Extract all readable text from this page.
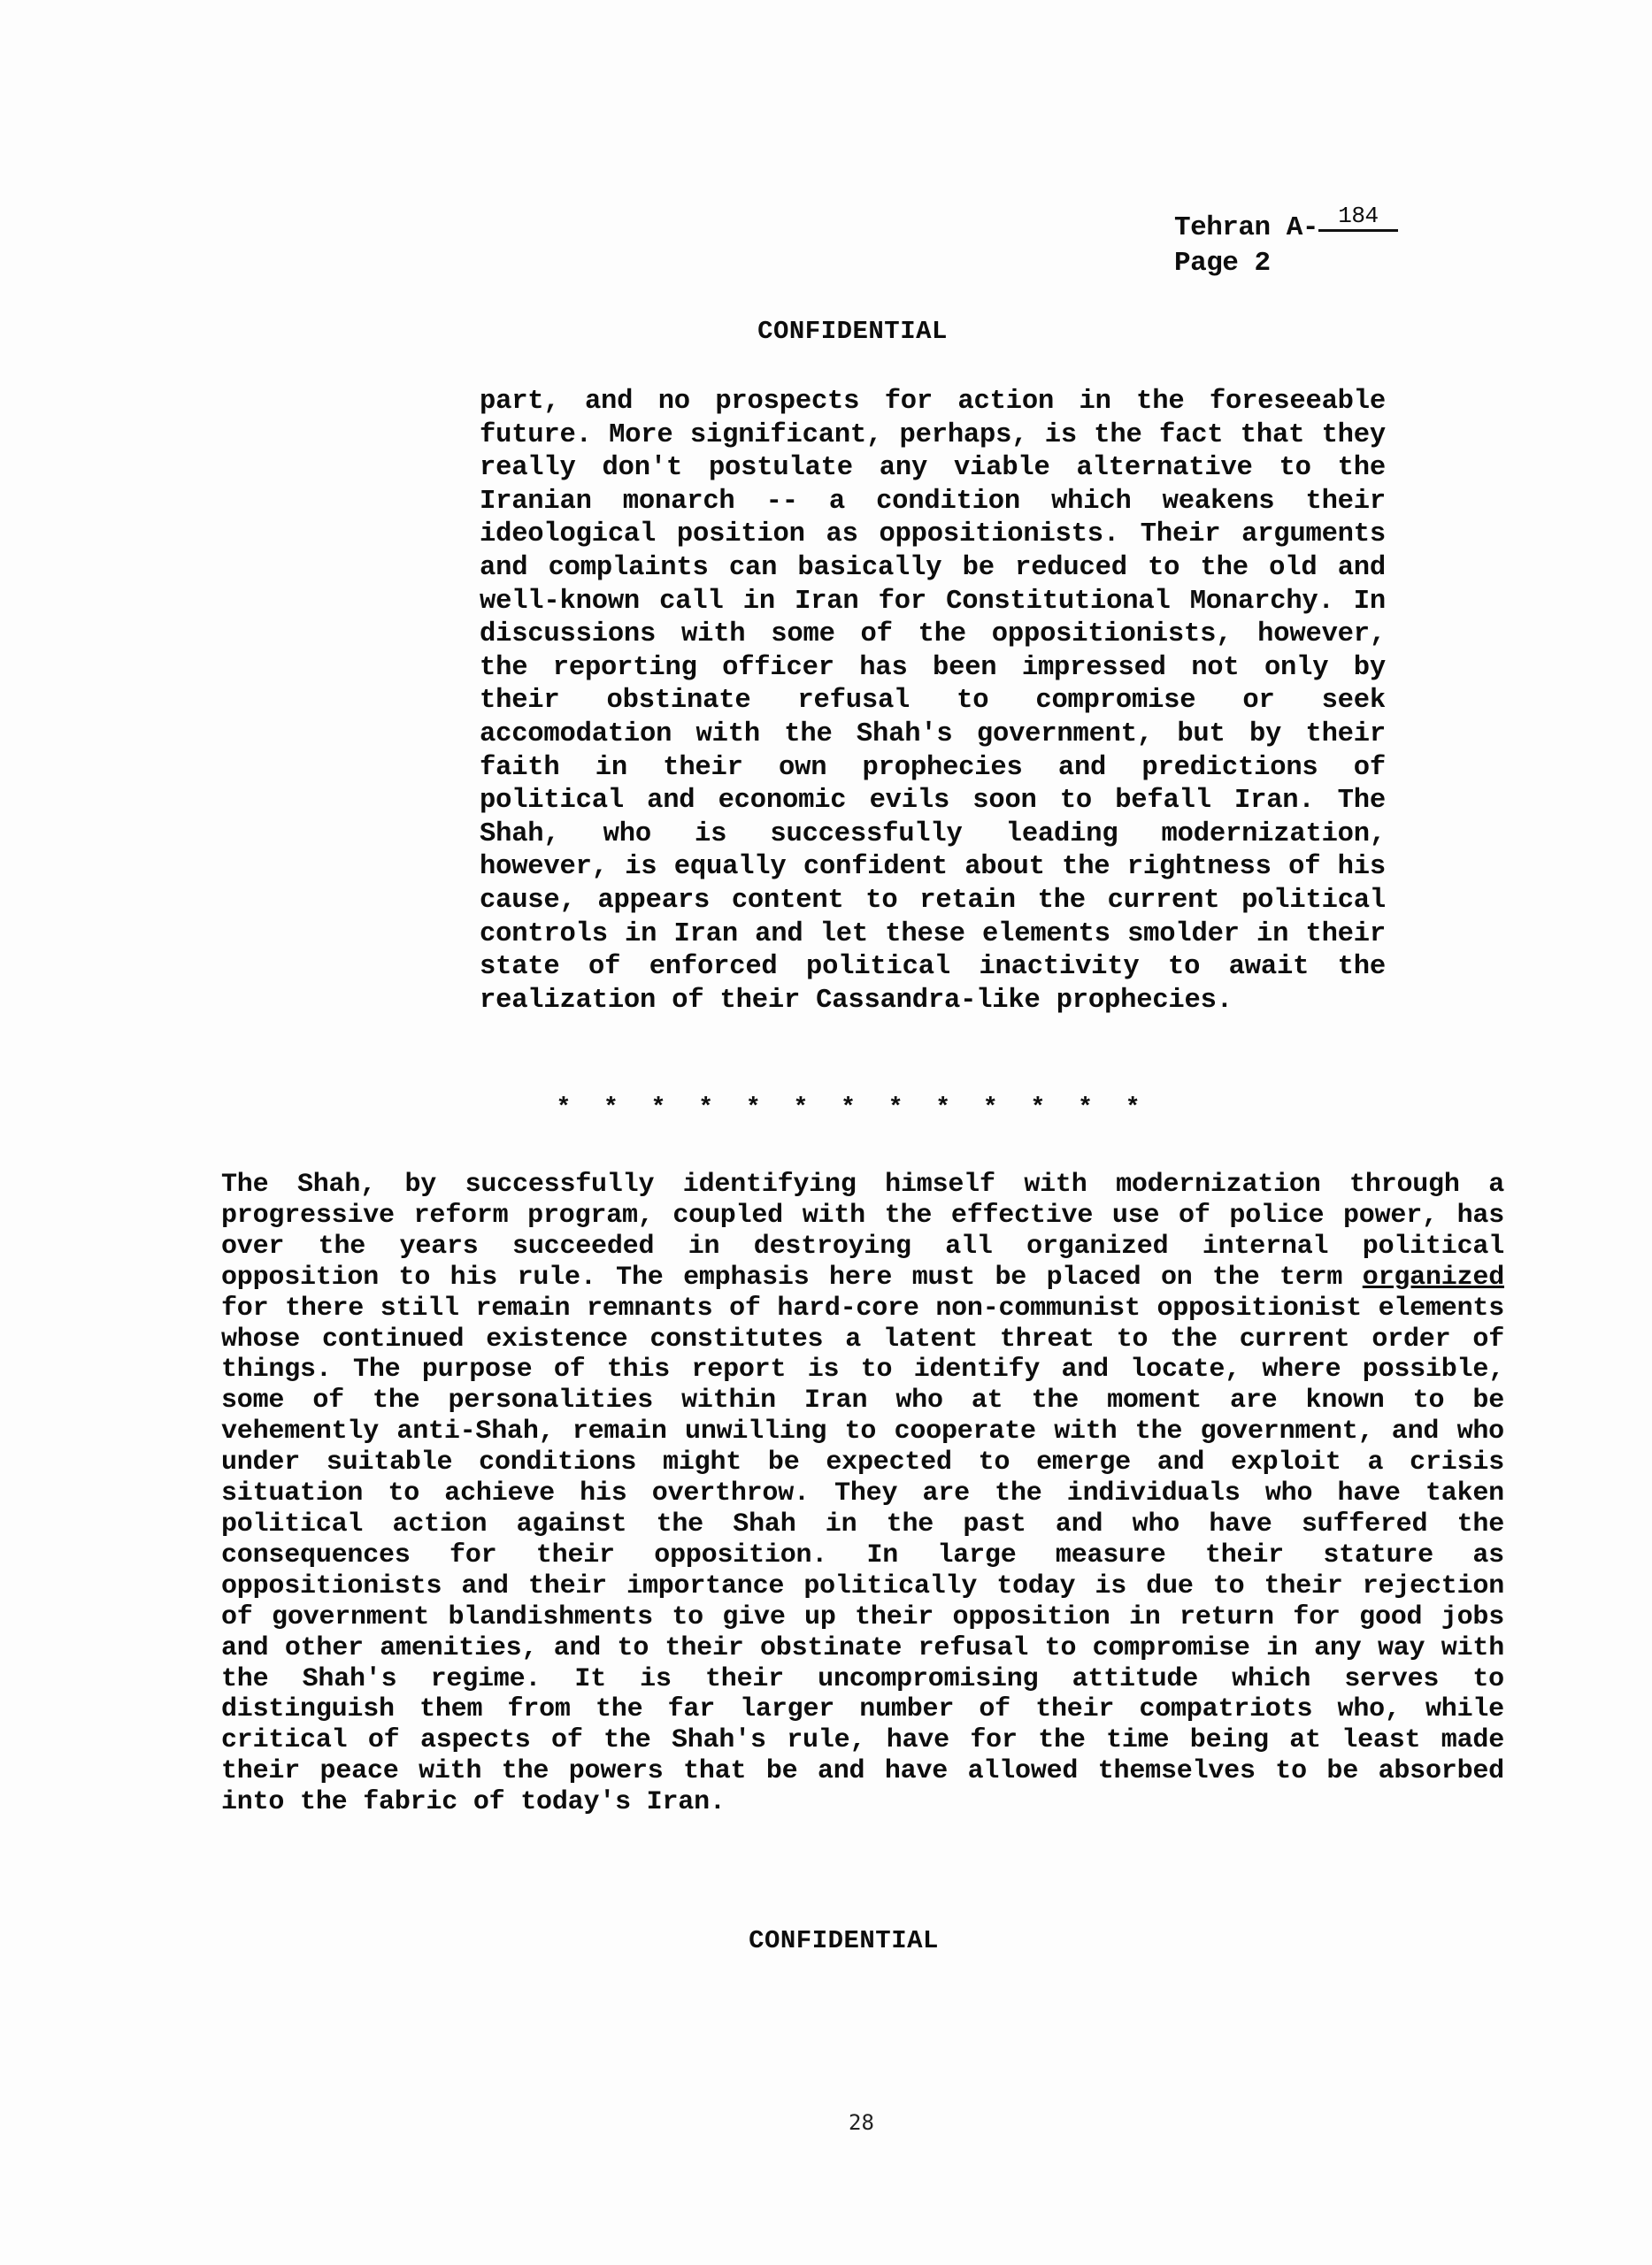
Tehran A- 184
Page 2
CONFIDENTIAL

part, and no prospects for action in the foreseeable future. More significant, perhaps, is the fact that they really don't postulate any viable alternative to the Iranian monarch -- a condition which weakens their ideological position as oppositionists. Their arguments and complaints can basically be reduced to the old and well-known call in Iran for Constitutional Monarchy. In discussions with some of the oppositionists, however, the reporting officer has been impressed not only by their obstinate refusal to compromise or seek accomodation with the Shah's government, but by their faith in their own prophecies and predictions of political and economic evils soon to befall Iran. The Shah, who is successfully leading modernization, however, is equally confident about the rightness of his cause, appears content to retain the current political controls in Iran and let these elements smolder in their state of enforced political inactivity to await the realization of their Cassandra-like prophecies.

* * * * * * * * * * * * *

The Shah, by successfully identifying himself with modernization through a progressive reform program, coupled with the effective use of police power, has over the years succeeded in destroying all organized internal political opposition to his rule. The emphasis here must be placed on the term organized for there still remain remnants of hard-core non-communist oppositionist elements whose continued existence constitutes a latent threat to the current order of things. The purpose of this report is to identify and locate, where possible, some of the personalities within Iran who at the moment are known to be vehemently anti-Shah, remain unwilling to cooperate with the government, and who under suitable conditions might be expected to emerge and exploit a crisis situation to achieve his overthrow. They are the individuals who have taken political action against the Shah in the past and who have suffered the consequences for their opposition. In large measure their stature as oppositionists and their importance politically today is due to their rejection of government blandishments to give up their opposition in return for good jobs and other amenities, and to their obstinate refusal to compromise in any way with the Shah's regime. It is their uncompromising attitude which serves to distinguish them from the far larger number of their compatriots who, while critical of aspects of the Shah's rule, have for the time being at least made their peace with the powers that be and have allowed themselves to be absorbed into the fabric of today's Iran.

CONFIDENTIAL
28
